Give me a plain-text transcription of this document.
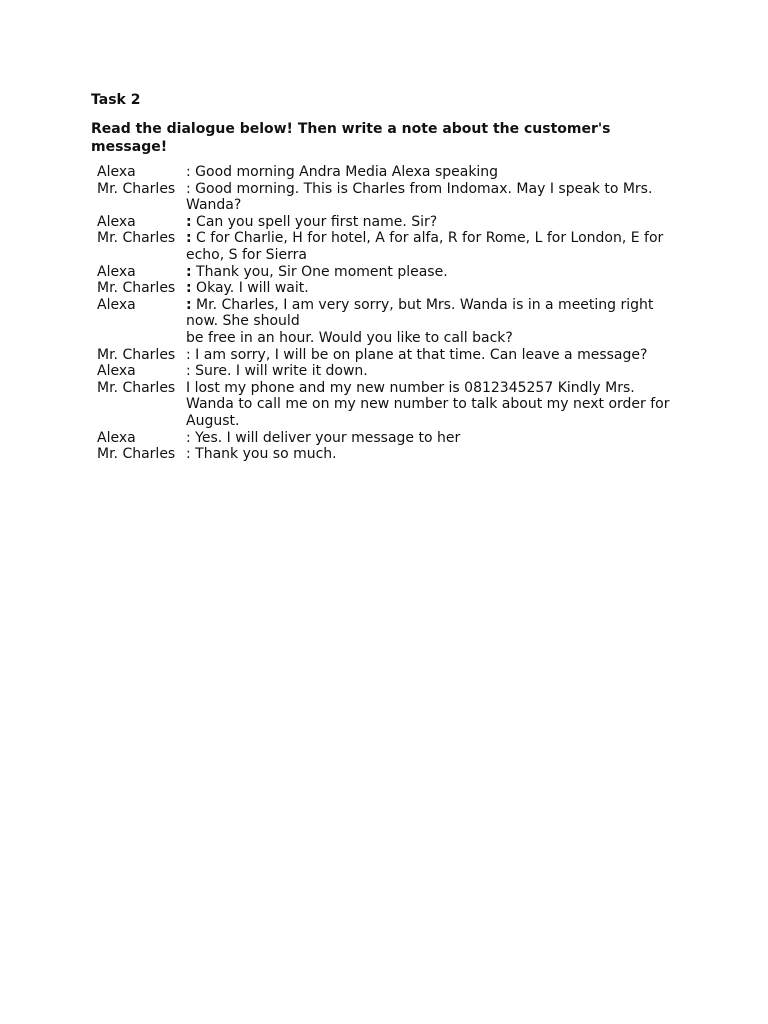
Task 2
Read the dialogue below! Then write a note about the customer's message!
Alexa	: Good morning Andra Media Alexa speaking
Mr. Charles	: Good morning. This is Charles from Indomax. May I speak to Mrs. Wanda?
Alexa	: Can you spell your first name. Sir?
Mr. Charles	: C for Charlie, H for hotel, A for alfa, R for Rome, L for London, E for echo, S for Sierra
Alexa	: Thank you, Sir One moment please.
Mr. Charles	: Okay. I will wait.
Alexa	: Mr. Charles, I am very sorry, but Mrs. Wanda is in a meeting right now. She should
be free in an hour. Would you like to call back?
Mr. Charles	: I am sorry, I will be on plane at that time. Can leave a message?
Alexa	: Sure. I will write it down.
Mr. Charles	I lost my phone and my new number is 0812345257 Kindly Mrs. Wanda to call me on my new number to talk about my next order for August.
Alexa	: Yes. I will deliver your message to her
Mr. Charles	: Thank you so much.
